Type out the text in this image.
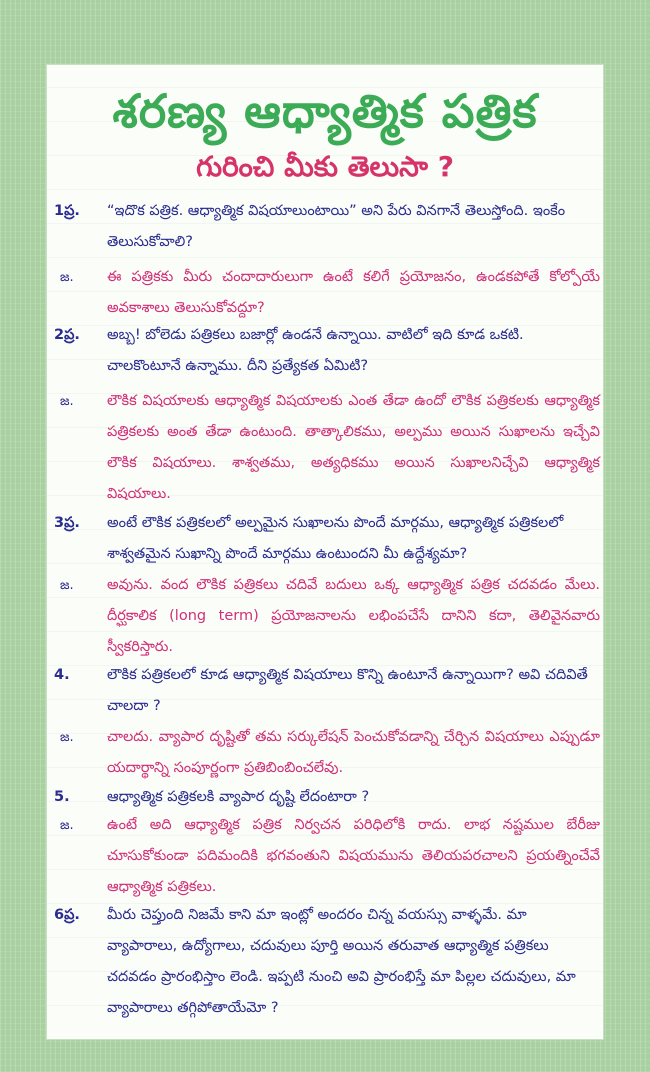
శరణ్య ఆధ్యాత్మిక పత్రిక
గురించి మీకు తెలుసా ?
1ప్ర.	“ఇదొక పత్రిక. ఆధ్యాత్మిక విషయాలుంటాయి” అని పేరు వినగానే తెలుస్తోంది. ఇంకేం తెలుసుకోవాలి?
జ.	ఈ పత్రికకు మీరు చందాదారులుగా ఉంటే కలిగే ప్రయోజనం, ఉండకపోతే కోల్పోయే అవకాశాలు తెలుసుకోవద్దూ?
2ప్ర.	అబ్బ! బోలెడు పత్రికలు బజార్లో ఉండనే ఉన్నాయి. వాటిలో ఇది కూడ ఒకటి. చాలకొంటూనే ఉన్నాము. దీని ప్రత్యేకత ఏమిటి?
జ.	లౌకిక విషయాలకు ఆధ్యాత్మిక విషయాలకు ఎంత తేడా ఉందో లౌకిక పత్రికలకు ఆధ్యాత్మిక పత్రికలకు అంత తేడా ఉంటుంది. తాత్కాలికము, అల్పము అయిన సుఖాలను ఇచ్చేవి లౌకిక విషయాలు. శాశ్వతము, అత్యధికము అయిన సుఖాలనిచ్చేవి ఆధ్యాత్మిక విషయాలు.
3ప్ర.	అంటే లౌకిక పత్రికలలో అల్పమైన సుఖాలను పొందే మార్గము, ఆధ్యాత్మిక పత్రికలలో శాశ్వతమైన సుఖాన్ని పొందే మార్గము ఉంటుందని మీ ఉద్దేశ్యమా?
జ.	అవును. వంద లౌకిక పత్రికలు చదివే బదులు ఒక్క ఆధ్యాత్మిక పత్రిక చదవడం మేలు. దీర్ఘకాలిక (long term) ప్రయోజనాలను లభింపచేసే దానిని కదా, తెలివైనవారు స్వీకరిస్తారు.
4.	లౌకిక పత్రికలలో కూడ ఆధ్యాత్మిక విషయాలు కొన్ని ఉంటూనే ఉన్నాయిగా? అవి చదివితే చాలదా ?
జ.	చాలదు. వ్యాపార దృష్టితో తమ సర్కులేషన్ పెంచుకోవడాన్ని చేర్చిన విషయాలు ఎప్పుడూ యదార్థాన్ని సంపూర్ణంగా ప్రతిబింబించలేవు.
5.	ఆధ్యాత్మిక పత్రికలకి వ్యాపార దృష్టి లేదంటారా ?
జ.	ఉంటే అది ఆధ్యాత్మిక పత్రిక నిర్వచన పరిధిలోకి రాదు. లాభ నష్టముల బేరీజు చూసుకోకుండా పదిమందికి భగవంతుని విషయమును తెలియపరచాలని ప్రయత్నించేవే ఆధ్యాత్మిక పత్రికలు.
6ప్ర.	మీరు చెప్తుంది నిజమే కాని మా ఇంట్లో అందరం చిన్న వయస్సు వాళ్ళమే. మా వ్యాపారాలు, ఉద్యోగాలు, చదువులు పూర్తి అయిన తరువాత ఆధ్యాత్మిక పత్రికలు చదవడం ప్రారంభిస్తాం లెండి. ఇప్పటి నుంచి అవి ప్రారంభిస్తే మా పిల్లల చదువులు, మా వ్యాపారాలు తగ్గిపోతాయేమో ?
